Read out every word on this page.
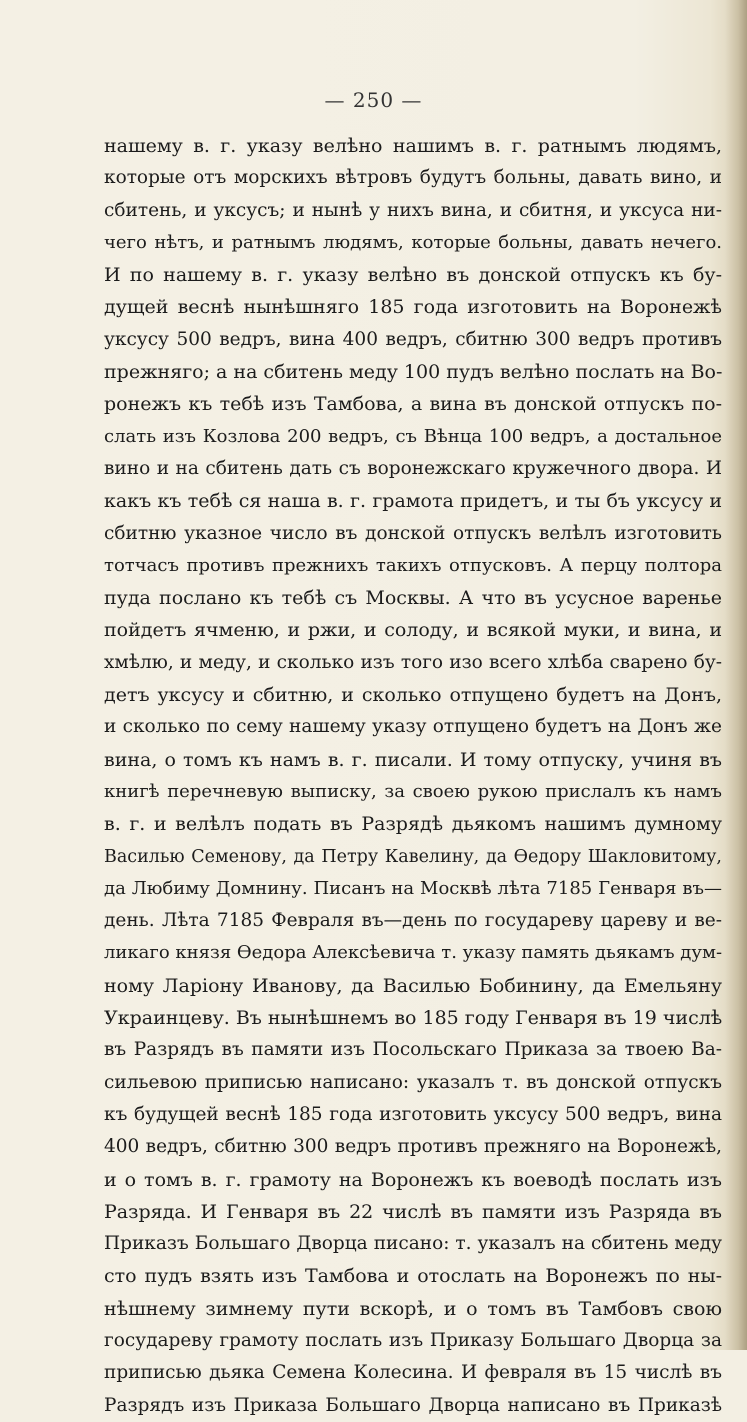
— 250 —
нашему в. г. указу велѣно нашимъ в. г. ратнымъ людямъ,
которые отъ морскихъ вѣтровъ будутъ больны, давать вино, и
сбитень, и уксусъ; и нынѣ у нихъ вина, и сбитня, и уксуса ни-
чего нѣтъ, и ратнымъ людямъ, которые больны, давать нечего.
И по нашему в. г. указу велѣно въ донской отпускъ къ бу-
дущей веснѣ нынѣшняго 185 года изготовить на Воронежѣ
уксусу 500 ведръ, вина 400 ведръ, сбитню 300 ведръ противъ
прежняго; а на сбитень меду 100 пудъ велѣно послать на Во-
ронежъ къ тебѣ изъ Тамбова, а вина въ донской отпускъ по-
слать изъ Козлова 200 ведръ, съ Вѣнца 100 ведръ, а достальное
вино и на сбитень дать съ воронежскаго кружечного двора. И
какъ къ тебѣ ся наша в. г. грамота придетъ, и ты бъ уксусу и
сбитню указное число въ донской отпускъ велѣлъ изготовить
тотчасъ противъ прежнихъ такихъ отпусковъ. А перцу полтора
пуда послано къ тебѣ съ Москвы. А что въ усусное варенье
пойдетъ ячменю, и ржи, и солоду, и всякой муки, и вина, и
хмѣлю, и меду, и сколько изъ того изо всего хлѣба сварено бу-
детъ уксусу и сбитню, и сколько отпущено будетъ на Донъ,
и сколько по сему нашему указу отпущено будетъ на Донъ же
вина, о томъ къ намъ в. г. писали. И тому отпуску, учиня въ
книгѣ перечневую выписку, за своею рукою прислалъ къ намъ
в. г. и велѣлъ подать въ Разрядѣ дьякомъ нашимъ думному
Василью Семенову, да Петру Кавелину, да Ѳедору Шакловитому,
да Любиму Домнину. Писанъ на Москвѣ лѣта 7185 Генваря въ—
день. Лѣта 7185 Февраля въ—день по государеву цареву и ве-
ликаго князя Ѳедора Алексѣевича т. указу память дьякамъ дум-
ному Ларіону Иванову, да Василью Бобинину, да Емельяну
Украинцеву. Въ нынѣшнемъ во 185 году Генваря въ 19 числѣ
въ Разрядъ въ памяти изъ Посольскаго Приказа за твоею Ва-
сильевою приписью написано: указалъ т. въ донской отпускъ
къ будущей веснѣ 185 года изготовить уксусу 500 ведръ, вина
400 ведръ, сбитню 300 ведръ противъ прежняго на Воронежѣ,
и о томъ в. г. грамоту на Воронежъ къ воеводѣ послать изъ
Разряда. И Генваря въ 22 числѣ въ памяти изъ Разряда въ
Приказъ Большаго Дворца писано: т. указалъ на сбитень меду
сто пудъ взять изъ Тамбова и отослать на Воронежъ по ны-
нѣшнему зимнему пути вскорѣ, и о томъ въ Тамбовъ свою
государеву грамоту послать изъ Приказу Большаго Дворца за
приписью дьяка Семена Колесина. И февраля въ 15 числѣ въ
Разрядъ изъ Приказа Большаго Дворца написано въ Приказѣ
